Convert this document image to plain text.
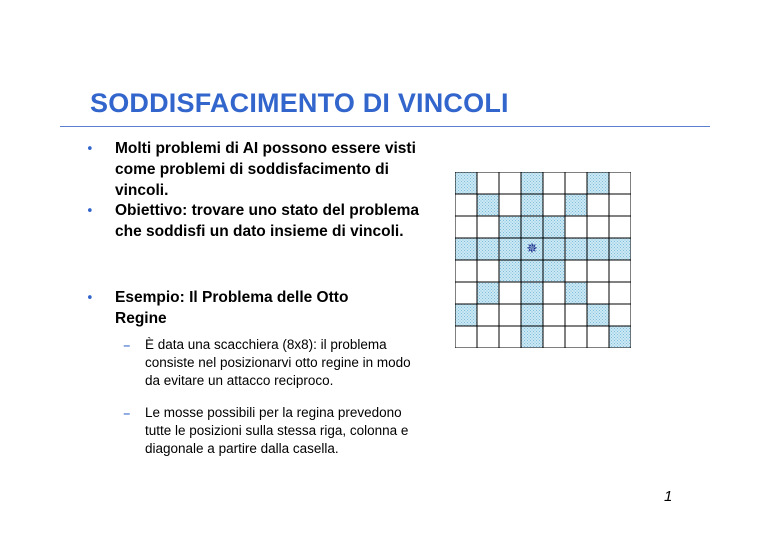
SODDISFACIMENTO DI VINCOLI
• Molti problemi di AI possono essere visti come problemi di soddisfacimento di vincoli.
• Obiettivo: trovare uno stato del problema che soddisfi un dato insieme di vincoli.
• Esempio: Il Problema delle Otto Regine
– È data una scacchiera (8x8): il problema consiste nel posizionarvi otto regine in modo da evitare un attacco reciproco.
– Le mosse possibili per la regina prevedono tutte le posizioni sulla stessa riga, colonna e diagonale a partire dalla casella.
✵
1
